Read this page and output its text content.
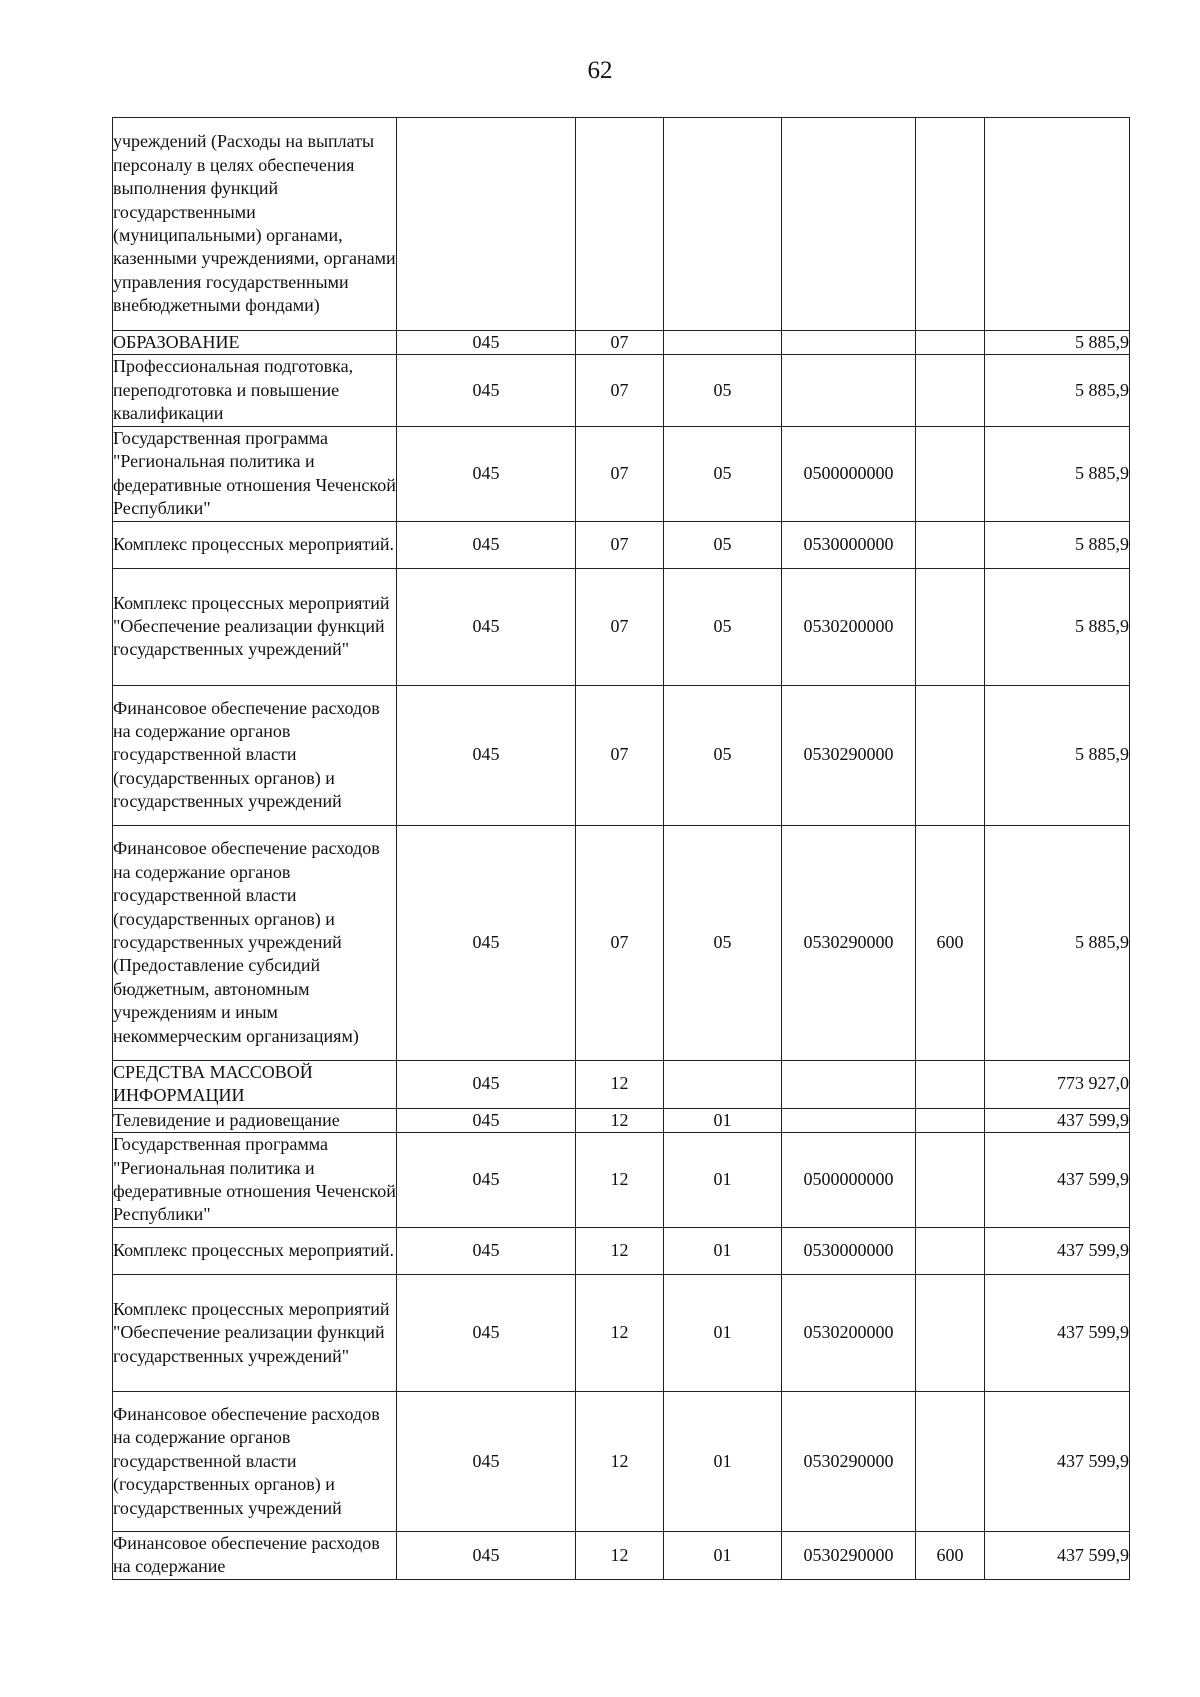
62
учреждений (Расходы на выплаты персоналу в целях обеспечения выполнения функций государственными (муниципальными) органами, казенными учреждениями, органами управления государственными внебюджетными фондами)						
ОБРАЗОВАНИЕ	045	07				5 885,9
Профессиональная подготовка, переподготовка и повышение квалификации	045	07	05			5 885,9
Государственная программа "Региональная политика и федеративные отношения Чеченской Республики"	045	07	05	0500000000		5 885,9
Комплекс процессных мероприятий.	045	07	05	0530000000		5 885,9
Комплекс процессных мероприятий "Обеспечение реализации функций государственных учреждений"	045	07	05	0530200000		5 885,9
Финансовое обеспечение расходов на содержание органов государственной власти (государственных органов) и государственных учреждений	045	07	05	0530290000		5 885,9
Финансовое обеспечение расходов на содержание органов государственной власти (государственных органов) и государственных учреждений (Предоставление субсидий бюджетным, автономным учреждениям и иным некоммерческим организациям)	045	07	05	0530290000	600	5 885,9
СРЕДСТВА МАССОВОЙ ИНФОРМАЦИИ	045	12				773 927,0
Телевидение и радиовещание	045	12	01			437 599,9
Государственная программа "Региональная политика и федеративные отношения Чеченской Республики"	045	12	01	0500000000		437 599,9
Комплекс процессных мероприятий.	045	12	01	0530000000		437 599,9
Комплекс процессных мероприятий "Обеспечение реализации функций государственных учреждений"	045	12	01	0530200000		437 599,9
Финансовое обеспечение расходов на содержание органов государственной власти (государственных органов) и государственных учреждений	045	12	01	0530290000		437 599,9
Финансовое обеспечение расходов на содержание	045	12	01	0530290000	600	437 599,9
